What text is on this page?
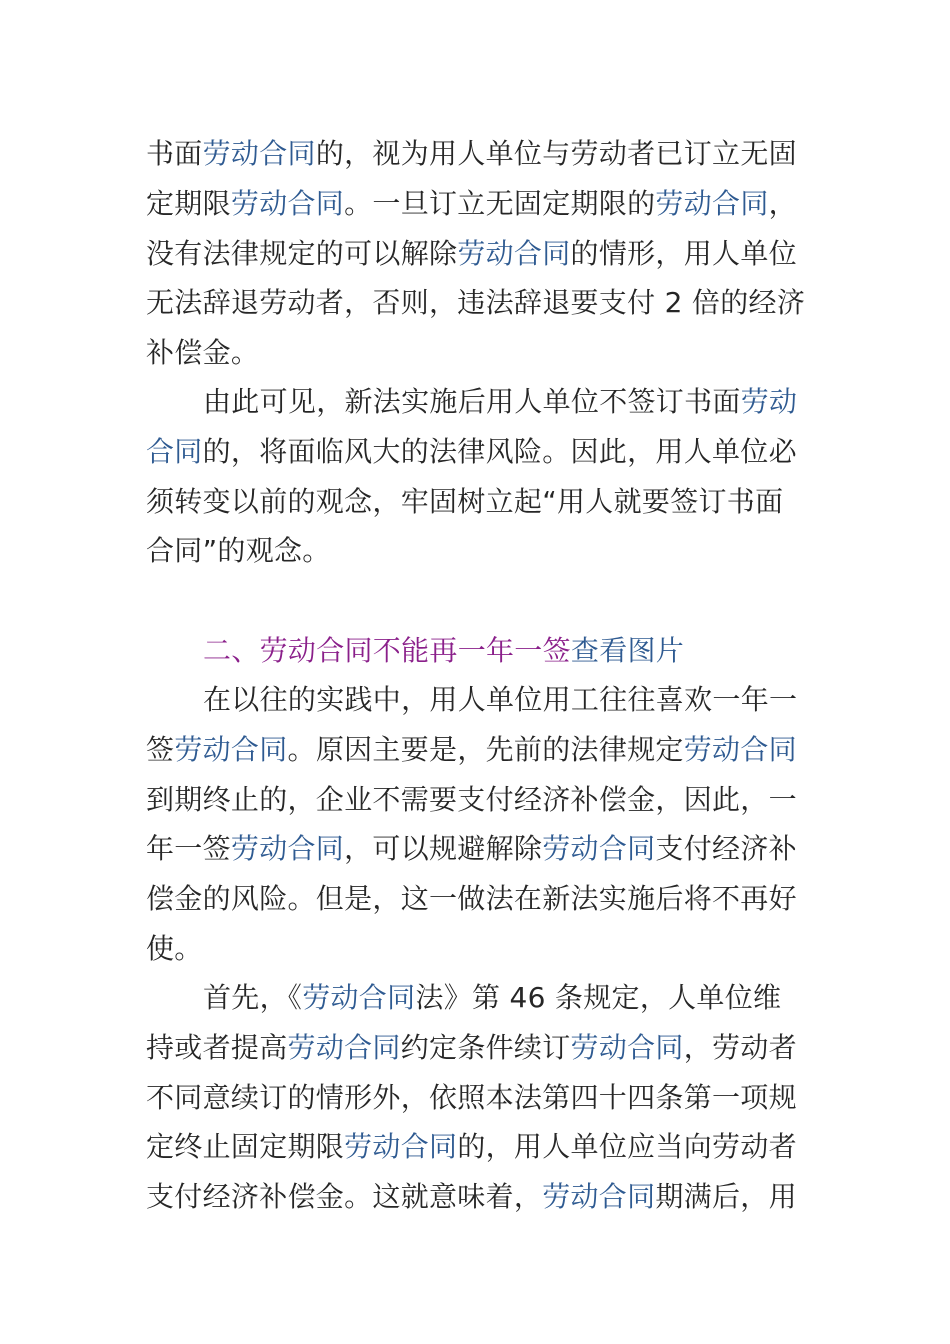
书面劳动合同的，视为用人单位与劳动者已订立无固定期限劳动合同。一旦订立无固定期限的劳动合同，没有法律规定的可以解除劳动合同的情形，用人单位无法辞退劳动者，否则，违法辞退要支付 2 倍的经济补偿金。

由此可见，新法实施后用人单位不签订书面劳动合同的，将面临风大的法律风险。因此，用人单位必须转变以前的观念，牢固树立起“用人就要签订书面合同”的观念。

二、劳动合同不能再一年一签查看图片

在以往的实践中，用人单位用工往往喜欢一年一签劳动合同。原因主要是，先前的法律规定劳动合同到期终止的，企业不需要支付经济补偿金，因此，一年一签劳动合同，可以规避解除劳动合同支付经济补偿金的风险。但是，这一做法在新法实施后将不再好使。

首先，《劳动合同法》第 46 条规定，人单位维持或者提高劳动合同约定条件续订劳动合同，劳动者不同意续订的情形外，依照本法第四十四条第一项规定终止固定期限劳动合同的，用人单位应当向劳动者支付经济补偿金。这就意味着，劳动合同期满后，用
